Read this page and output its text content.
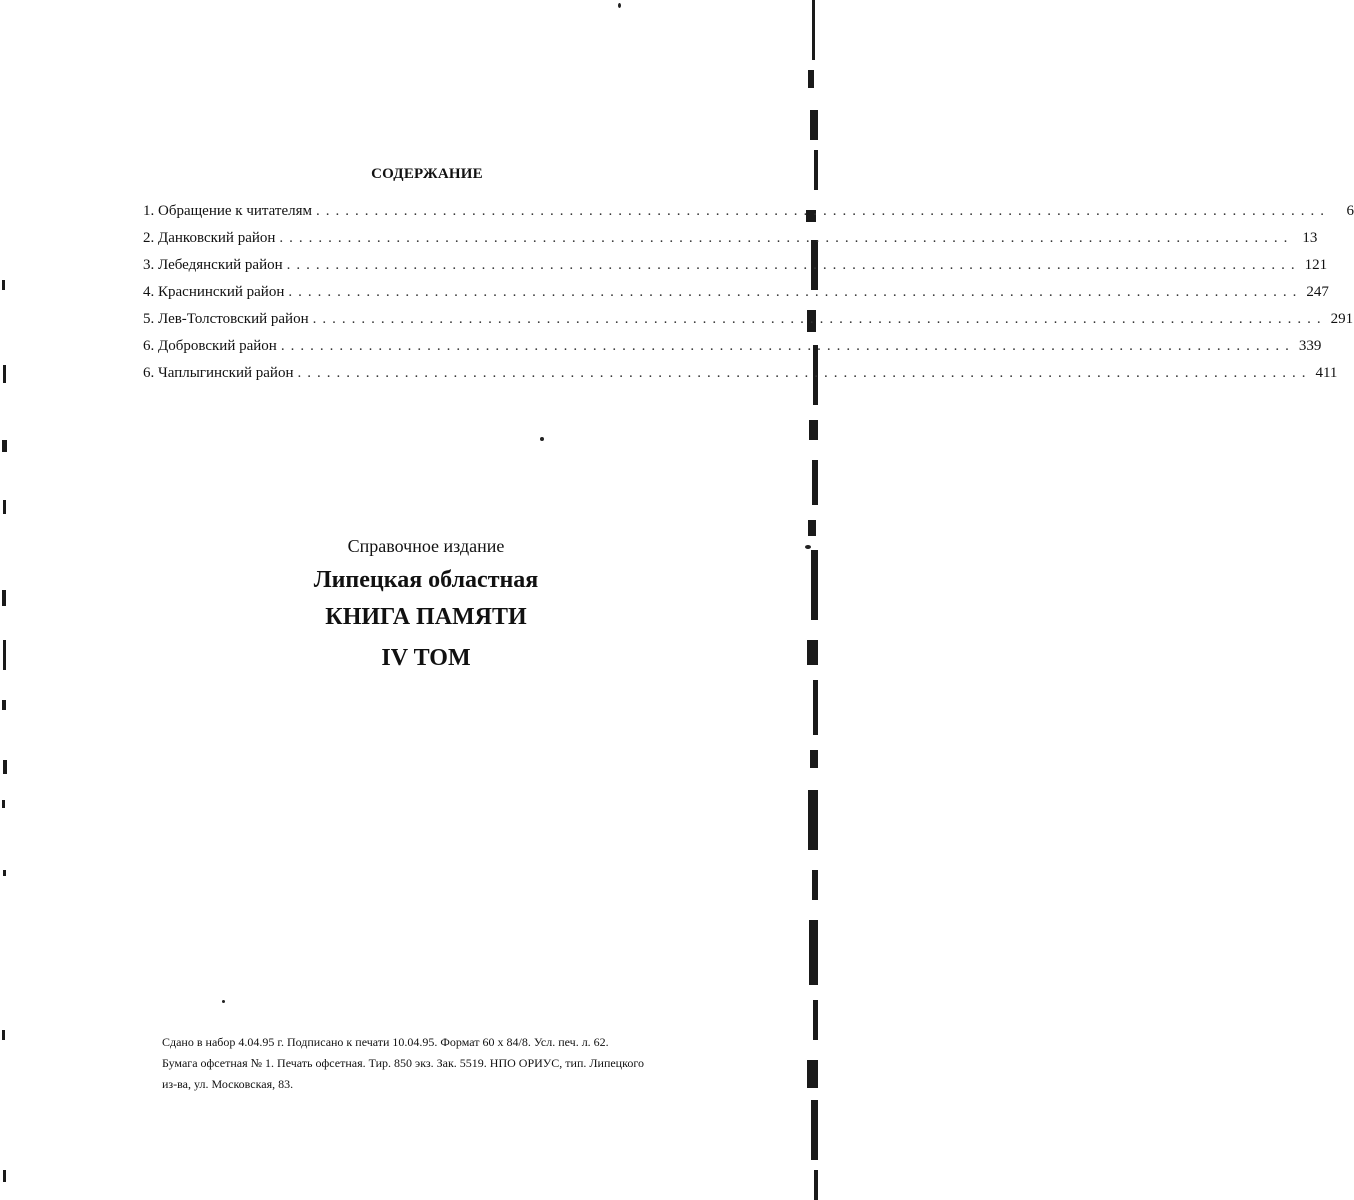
СОДЕРЖАНИЕ
1. Обращение к читателям ........................................................................................................	6
2. Данковский район ........................................................................................................ 13
3. Лебедянский район ........................................................................................................ 121
4. Краснинский район ........................................................................................................ 247
5. Лев-Толстовский район ........................................................................................................ 291
6. Добровский район ........................................................................................................ 339
6. Чаплыгинский район ........................................................................................................ 411
Справочное издание
Липецкая областная
КНИГА ПАМЯТИ
IV ТОМ

Сдано в набор 4.04.95 г. Подписано к печати 10.04.95. Формат 60 х 84/8. Усл. печ. л. 62.
Бумага офсетная № 1. Печать офсетная. Тир. 850 экз. Зак. 5519. НПО ОРИУС, тип. Липецкого
из-ва, ул. Московская, 83.
